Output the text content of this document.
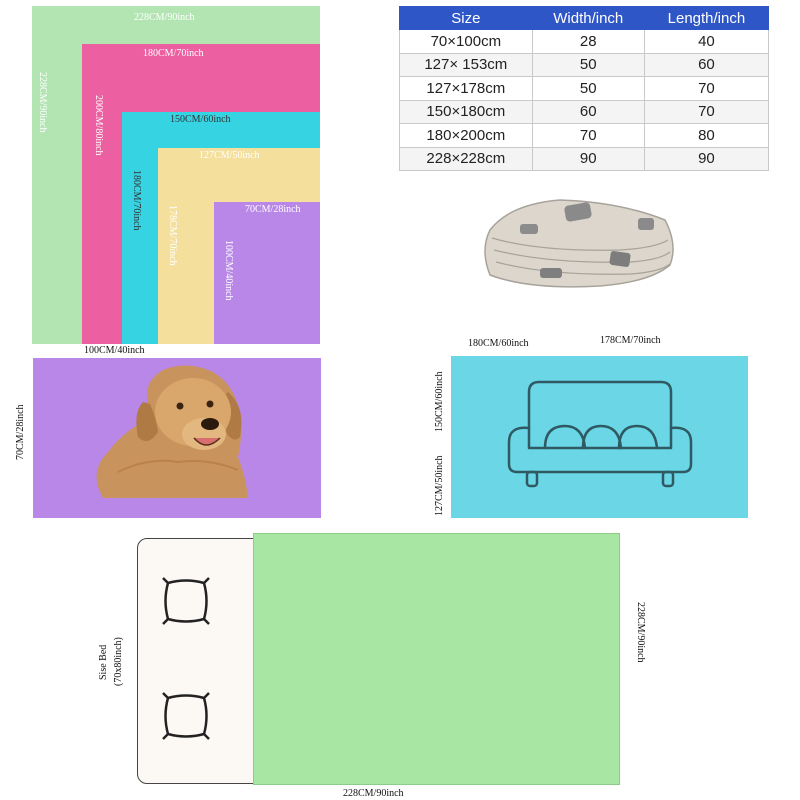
228CM/90inch
228CM/90inch
180CM/70inch
200CM/80inch	150CM/60inch
180CM/70inch
127CM/50inch
178CM/70inch	70CM/28inch
100CM/40inch
100CM/40inch
Size	Width/inch	Length/inch
70×100cm	28	40
127× 153cm	50	60
127×178cm	50	70
150×180cm	60	70
180×200cm	70	80
228×228cm	90	90
70CM/28inch
180CM/60inch	178CM/70inch
150CM/60inch
127CM/50inch
Sise Bed (70x80inch)	228CM/90inch
228CM/90inch
